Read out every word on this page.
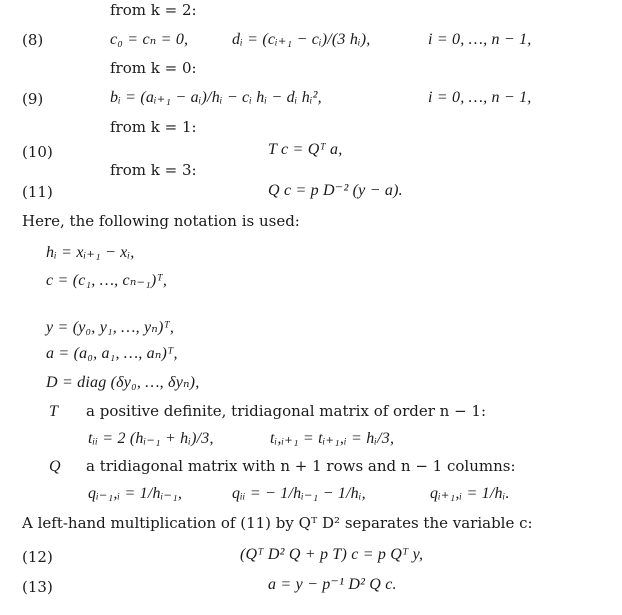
from k = 2:
(8)	c₀ = cₙ = 0,	dᵢ = (cᵢ₊₁ − cᵢ)/(3 hᵢ),	i = 0, …, n − 1,
from k = 0:
(9)	bᵢ = (aᵢ₊₁ − aᵢ)/hᵢ − cᵢ hᵢ − dᵢ hᵢ²,	i = 0, …, n − 1,
from k = 1:
(10)	T c = Qᵀ a,
from k = 3:
(11)	Q c = p D⁻² (y − a).
Here, the following notation is used:
hᵢ = xᵢ₊₁ − xᵢ,
c = (c₁, …, cₙ₋₁)ᵀ,
y = (y₀, y₁, …, yₙ)ᵀ,
a = (a₀, a₁, …, aₙ)ᵀ,
D = diag (δy₀, …, δyₙ),
T a positive definite, tridiagonal matrix of order n − 1:
tᵢᵢ = 2 (hᵢ₋₁ + hᵢ)/3,	tᵢ,ᵢ₊₁ = tᵢ₊₁,ᵢ = hᵢ/3,
Q a tridiagonal matrix with n + 1 rows and n − 1 columns:
qᵢ₋₁,ᵢ = 1/hᵢ₋₁,	qᵢᵢ = − 1/hᵢ₋₁ − 1/hᵢ,	qᵢ₊₁,ᵢ = 1/hᵢ.
A left-hand multiplication of (11) by Qᵀ D² separates the variable c:
(12)	(Qᵀ D² Q + p T) c = p Qᵀ y,
(13)	a = y − p⁻¹ D² Q c.
